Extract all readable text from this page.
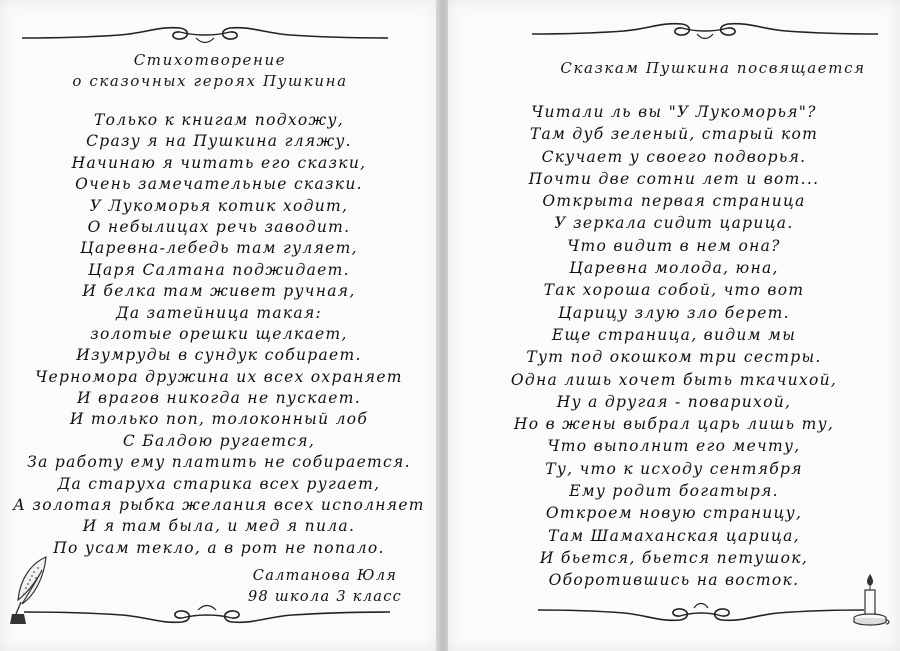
Стихотворение
о сказочных героях Пушкина
Только к книгам подхожу,
Сразу я на Пушкина гляжу.
Начинаю я читать его сказки,
Очень замечательные сказки.
У Лукоморья котик ходит,
О небылицах речь заводит.
Царевна-лебедь там гуляет,
Царя Салтана поджидает.
И белка там живет ручная,
Да затейница такая:
золотые орешки щелкает,
Изумруды в сундук собирает.
Черномора дружина их всех охраняет
И врагов никогда не пускает.
И только поп, толоконный лоб
С Балдою ругается,
За работу ему платить не собирается.
Да старуха старика всех ругает,
А золотая рыбка желания всех исполняет
И я там была, и мед я пила.
По усам текло, а в рот не попало.
Салтанова Юля
98 школа 3 класс
Сказкам Пушкина посвящается
Читали ль вы "У Лукоморья"?
Там дуб зеленый, старый кот
Скучает у своего подворья.
Почти две сотни лет и вот...
Открыта первая страница
У зеркала сидит царица.
Что видит в нем она?
Царевна молода, юна,
Так хороша собой, что вот
Царицу злую зло берет.
Еще страница, видим мы
Тут под окошком три сестры.
Одна лишь хочет быть ткачихой,
Ну а другая - поварихой,
Но в жены выбрал царь лишь ту,
Что выполнит его мечту,
Ту, что к исходу сентября
Ему родит богатыря.
Откроем новую страницу,
Там Шамаханская царица,
И бьется, бьется петушок,
Оборотившись на восток.
